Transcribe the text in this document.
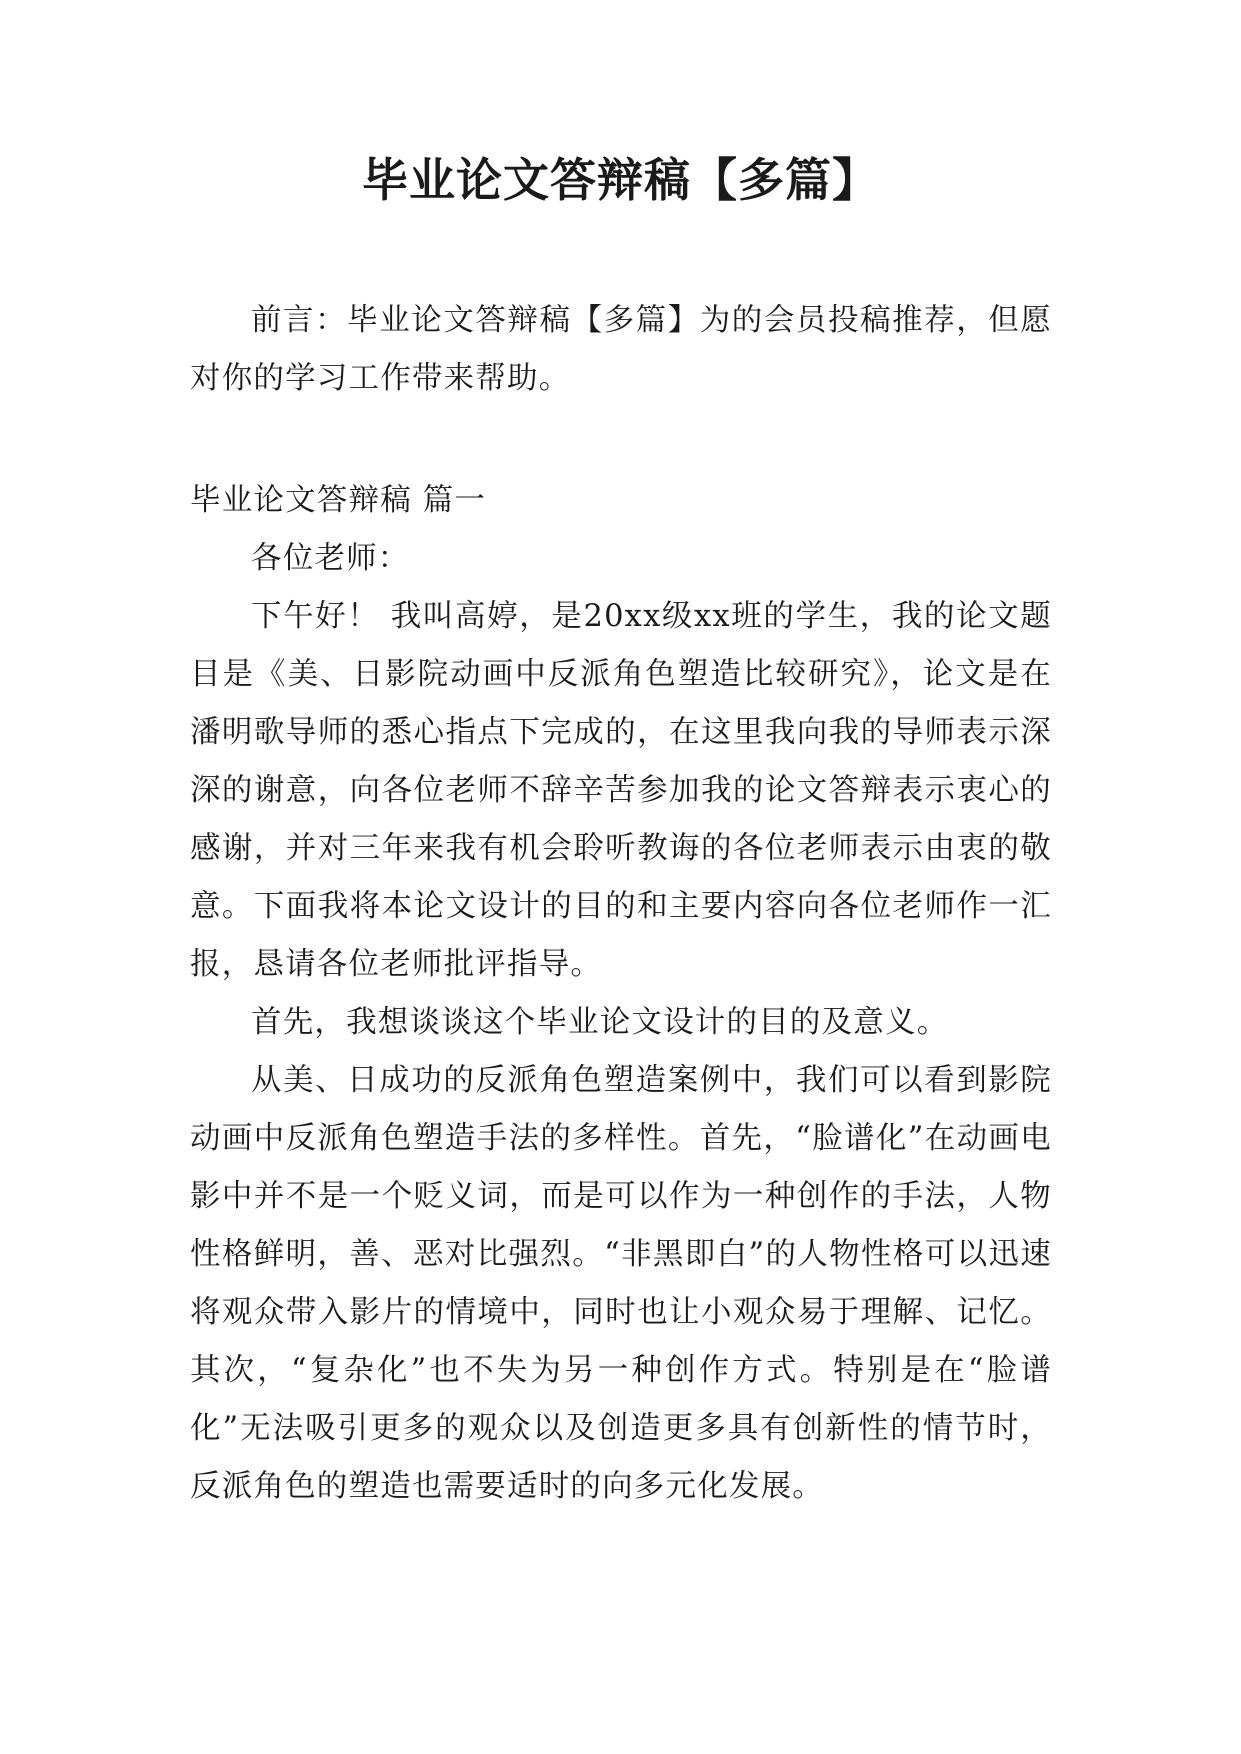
毕业论文答辩稿【多篇】

前言：毕业论文答辩稿【多篇】为的会员投稿推荐，但愿对你的学习工作带来帮助。

毕业论文答辩稿 篇一

各位老师：

下午好！ 我叫高婷，是20xx级xx班的学生，我的论文题目是《美、日影院动画中反派角色塑造比较研究》，论文是在潘明歌导师的悉心指点下完成的，在这里我向我的导师表示深深的谢意，向各位老师不辞辛苦参加我的论文答辩表示衷心的感谢，并对三年来我有机会聆听教诲的各位老师表示由衷的敬意。下面我将本论文设计的目的和主要内容向各位老师作一汇报，恳请各位老师批评指导。

首先，我想谈谈这个毕业论文设计的目的及意义。

从美、日成功的反派角色塑造案例中，我们可以看到影院动画中反派角色塑造手法的多样性。首先，“脸谱化”在动画电影中并不是一个贬义词，而是可以作为一种创作的手法，人物性格鲜明，善、恶对比强烈。“非黑即白”的人物性格可以迅速将观众带入影片的情境中，同时也让小观众易于理解、记忆。其次，“复杂化”也不失为另一种创作方式。特别是在“脸谱化”无法吸引更多的观众以及创造更多具有创新性的情节时，反派角色的塑造也需要适时的向多元化发展。
